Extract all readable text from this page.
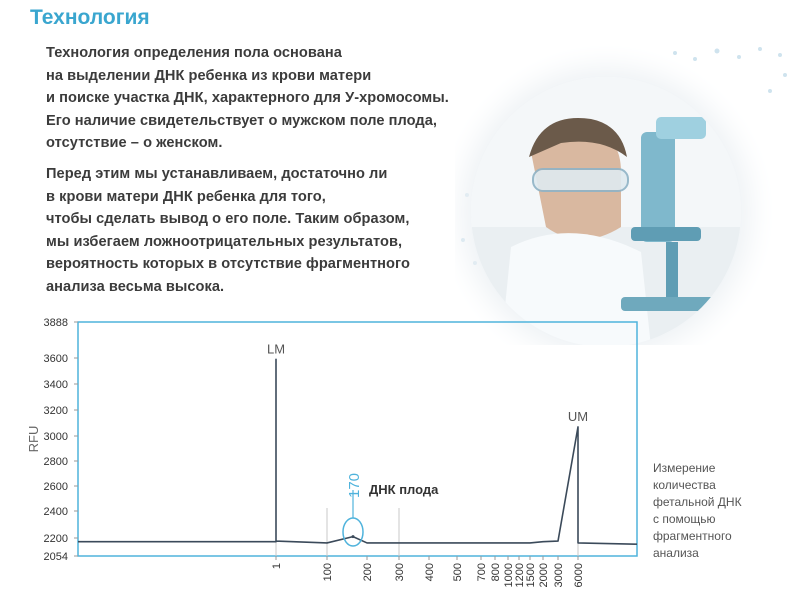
Технология
Технология определения пола основана
на выделении ДНК ребенка из крови матери
и поиске участка ДНК, характерного для У-хромосомы.
Его наличие свидетельствует о мужском поле плода,
отсутствие – о женском.
Перед этим мы устанавливаем, достаточно ли
в крови матери ДНК ребенка для того,
чтобы сделать вывод о его поле. Таким образом,
мы избегаем ложноотрицательных результатов,
вероятность которых в отсутствие фрагментного
анализа весьма высока.
Измерение
количества
фетальной ДНК
с помощью
фрагментного
анализа
2054
2200
2400
2600
2800
3000
3200
3400
3600
3888
RFU
1	100	200 300 400 500 700 800 1000 1200 1500 2000 3000 6000
LM
UM
170 ДНК плода
